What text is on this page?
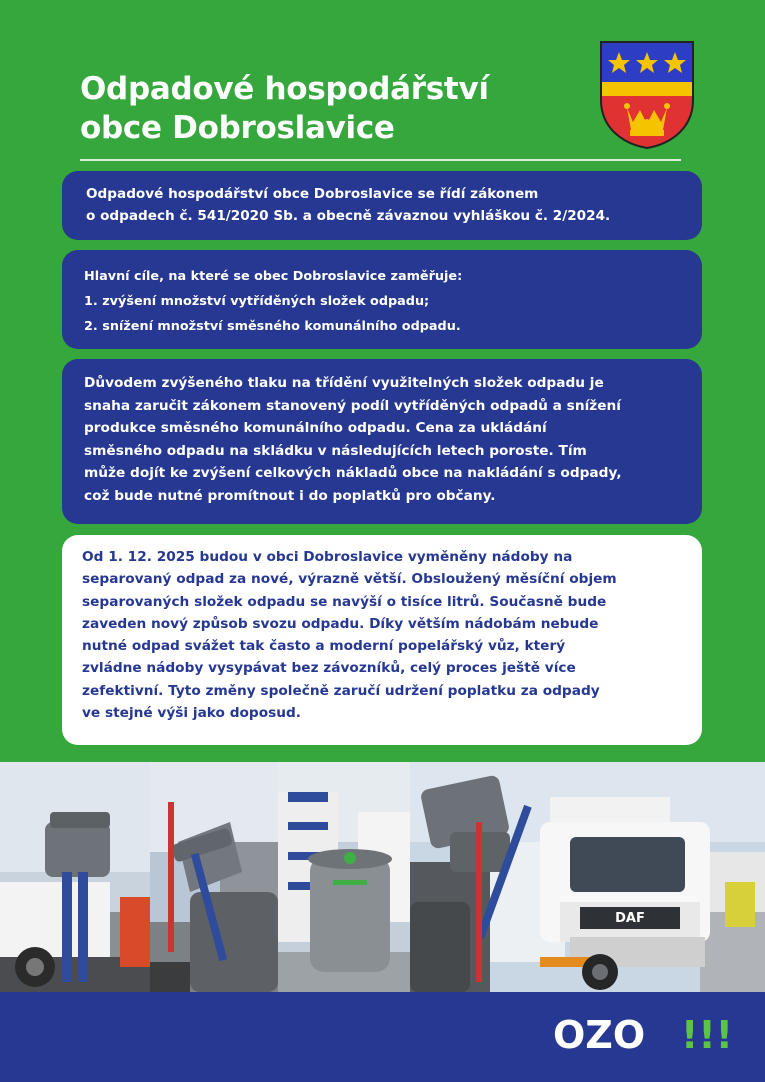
Odpadové hospodářství
obce Dobroslavice
Odpadové hospodářství obce Dobroslavice se řídí zákonem
o odpadech č. 541/2020 Sb. a obecně závaznou vyhláškou č. 2/2024.
Hlavní cíle, na které se obec Dobroslavice zaměřuje:
1. zvýšení množství vytříděných složek odpadu;
2. snížení množství směsného komunálního odpadu.
Důvodem zvýšeného tlaku na třídění využitelných složek odpadu je
snaha zaručit zákonem stanovený podíl vytříděných odpadů a snížení
produkce směsného komunálního odpadu. Cena za ukládání
směsného odpadu na skládku v následujících letech poroste. Tím
může dojít ke zvýšení celkových nákladů obce na nakládání s odpady,
což bude nutné promítnout i do poplatků pro občany.
Od 1. 12. 2025 budou v obci Dobroslavice vyměněny nádoby na
separovaný odpad za nové, výrazně větší. Obsloužený měsíční objem
separovaných složek odpadu se navýší o tisíce litrů. Současně bude
zaveden nový způsob svozu odpadu. Díky větším nádobám nebude
nutné odpad svážet tak často a moderní popelářský vůz, který
zvládne nádoby vysypávat bez závozníků, celý proces ještě více
zefektivní. Tyto změny společně zaručí udržení poplatku za odpady
ve stejné výši jako doposud.
DAF
OZO !!!
